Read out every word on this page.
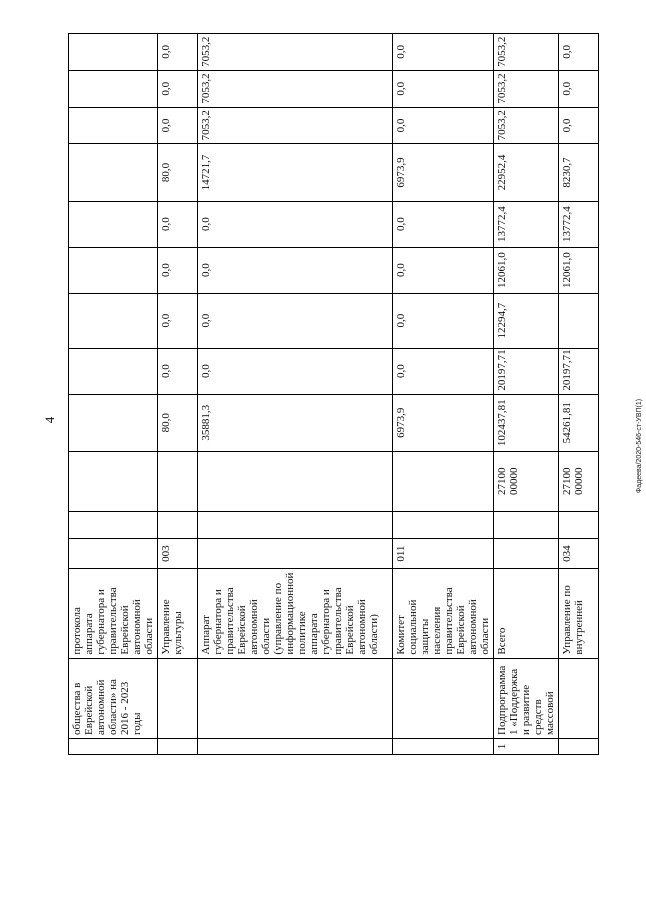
4	Фадеева/2020-546-ст-УВП(1)
	общества в Еврейской автономной области» на 2016 - 2023 годы	протокола аппарата губернатора и правительства Еврейской автономной области												
		Управление культуры	003			80,0	0,0	0,0	0,0	0,0	80,0	0,0	0,0	0,0
		Аппарат губернатора и правительства Еврейской автономной области (управление по информационной политике аппарата губернатора и правительства Еврейской автономной области)				35881,3	0,0	0,0	0,0	0,0	14721,7	7053,2	7053,2	7053,2
		Комитет социальной защиты населения правительства Еврейской автономной области	011			6973,9	0,0	0,0	0,0	0,0	6973,9	0,0	0,0	0,0
1	Подпрограмма 1 «Поддержка и развитие средств массовой	Всего			27100 00000	102437,81	20197,71	12294,7	12061,0	13772,4	22952,4	7053,2	7053,2	7053,2
		Управление по внутренней	034		27100 00000	54261,81	20197,71		12061,0	13772,4	8230,7	0,0	0,0	0,0
